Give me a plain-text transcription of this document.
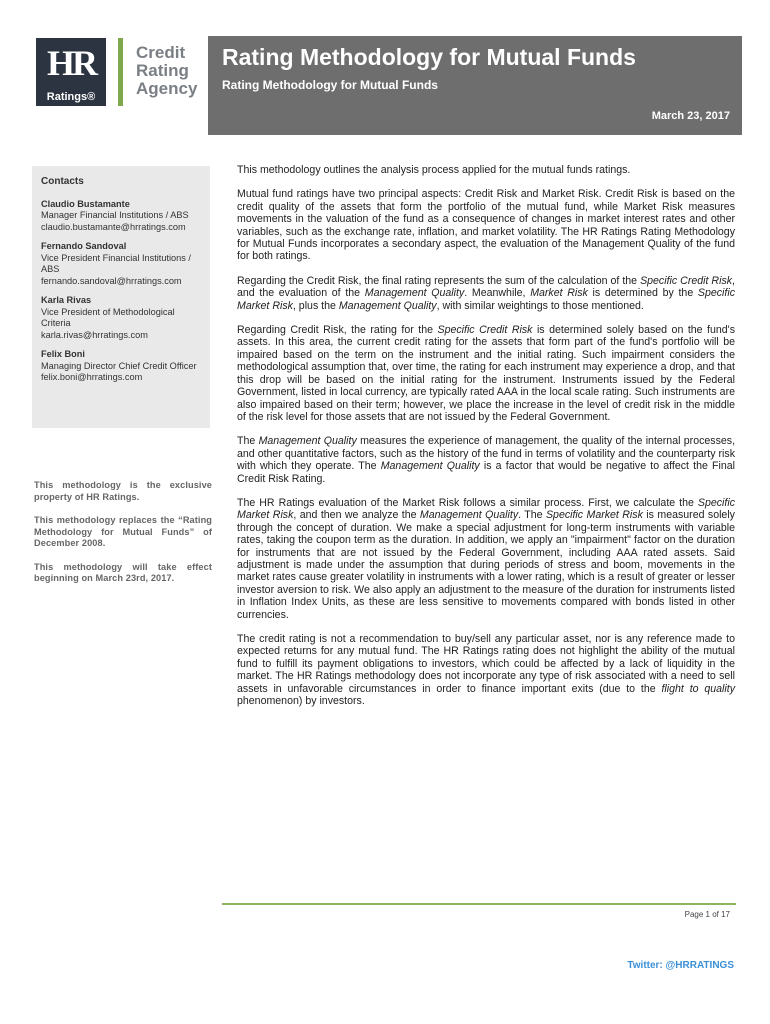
HR
Ratings®
Credit
Rating
Agency
Rating Methodology for Mutual Funds
Rating Methodology for Mutual Funds
March 23, 2017
Contacts
Claudio Bustamante
Manager Financial Institutions / ABS
claudio.bustamante@hrratings.com
Fernando Sandoval
Vice President Financial Institutions / ABS
fernando.sandoval@hrratings.com
Karla Rivas
Vice President of Methodological Criteria
karla.rivas@hrratings.com
Felix Boni
Managing Director Chief Credit Officer
felix.boni@hrratings.com

This methodology is the exclusive property of HR Ratings.

This methodology replaces the “Rating Methodology for Mutual Funds” of December 2008.

This methodology will take effect beginning on March 23rd, 2017.

This methodology outlines the analysis process applied for the mutual funds ratings.

Mutual fund ratings have two principal aspects: Credit Risk and Market Risk. Credit Risk is based on the credit quality of the assets that form the portfolio of the mutual fund, while Market Risk measures movements in the valuation of the fund as a consequence of changes in market interest rates and other variables, such as the exchange rate, inflation, and market volatility. The HR Ratings Rating Methodology for Mutual Funds incorporates a secondary aspect, the evaluation of the Management Quality of the fund for both ratings.

Regarding the Credit Risk, the final rating represents the sum of the calculation of the Specific Credit Risk, and the evaluation of the Management Quality. Meanwhile, Market Risk is determined by the Specific Market Risk, plus the Management Quality, with similar weightings to those mentioned.

Regarding Credit Risk, the rating for the Specific Credit Risk is determined solely based on the fund's assets. In this area, the current credit rating for the assets that form part of the fund's portfolio will be impaired based on the term on the instrument and the initial rating. Such impairment considers the methodological assumption that, over time, the rating for each instrument may experience a drop, and that this drop will be based on the initial rating for the instrument. Instruments issued by the Federal Government, listed in local currency, are typically rated AAA in the local scale rating. Such instruments are also impaired based on their term; however, we place the increase in the level of credit risk in the middle of the risk level for those assets that are not issued by the Federal Government.

The Management Quality measures the experience of management, the quality of the internal processes, and other quantitative factors, such as the history of the fund in terms of volatility and the counterparty risk with which they operate. The Management Quality is a factor that would be negative to affect the Final Credit Risk Rating.

The HR Ratings evaluation of the Market Risk follows a similar process. First, we calculate the Specific Market Risk, and then we analyze the Management Quality. The Specific Market Risk is measured solely through the concept of duration. We make a special adjustment for long-term instruments with variable rates, taking the coupon term as the duration. In addition, we apply an "impairment" factor on the duration for instruments that are not issued by the Federal Government, including AAA rated assets. Said adjustment is made under the assumption that during periods of stress and boom, movements in the market rates cause greater volatility in instruments with a lower rating, which is a result of greater or lesser investor aversion to risk. We also apply an adjustment to the measure of the duration for instruments listed in Inflation Index Units, as these are less sensitive to movements compared with bonds listed in other currencies.

The credit rating is not a recommendation to buy/sell any particular asset, nor is any reference made to expected returns for any mutual fund. The HR Ratings rating does not highlight the ability of the mutual fund to fulfill its payment obligations to investors, which could be affected by a lack of liquidity in the market. The HR Ratings methodology does not incorporate any type of risk associated with a need to sell assets in unfavorable circumstances in order to finance important exits (due to the flight to quality phenomenon) by investors.

Page 1 of 17
Twitter: @HRRATINGS
